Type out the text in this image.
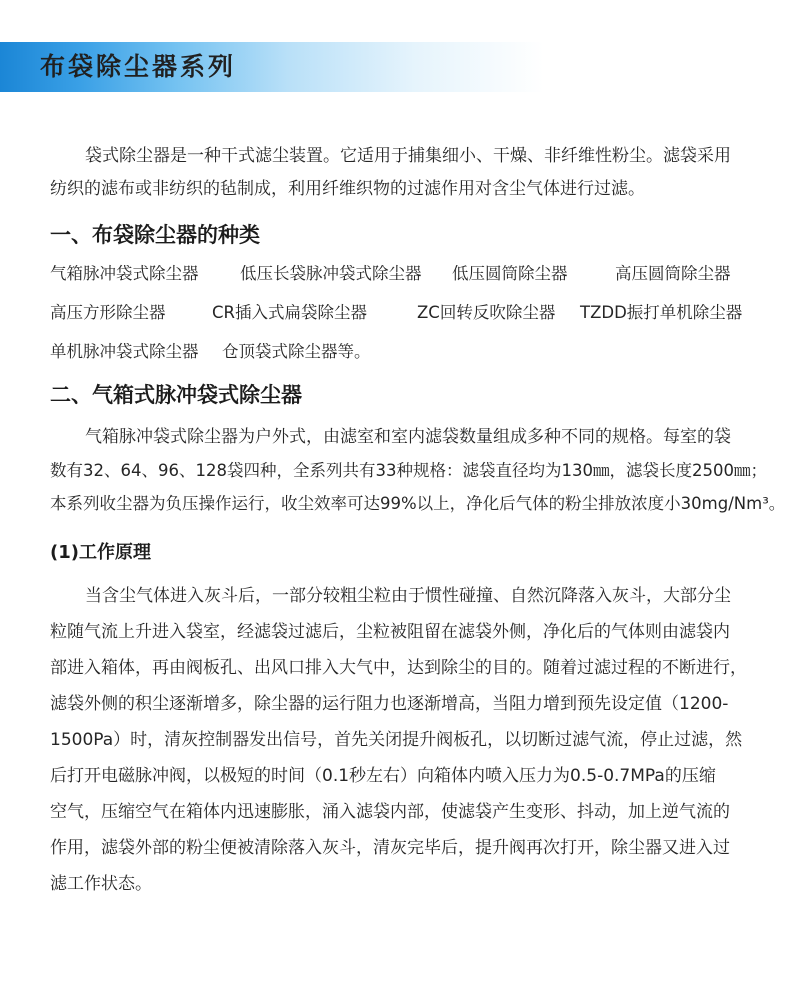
布袋除尘器系列
袋式除尘器是一种干式滤尘装置。它适用于捕集细小、干燥、非纤维性粉尘。滤袋采用
纺织的滤布或非纺织的毡制成，利用纤维织物的过滤作用对含尘气体进行过滤。
一、布袋除尘器的种类
气箱脉冲袋式除尘器	低压长袋脉冲袋式除尘器 低压圆筒除尘器	高压圆筒除尘器
高压方形除尘器	CR插入式扁袋除尘器	ZC回转反吹除尘器 TZDD振打单机除尘器
单机脉冲袋式除尘器 仓顶袋式除尘器等。
二、气箱式脉冲袋式除尘器
气箱脉冲袋式除尘器为户外式，由滤室和室内滤袋数量组成多种不同的规格。每室的袋
数有32、64、96、128袋四种，全系列共有33种规格：滤袋直径均为130㎜，滤袋长度2500㎜；
本系列收尘器为负压操作运行，收尘效率可达99%以上，净化后气体的粉尘排放浓度小30mg/Nm³。
(1)工作原理
当含尘气体进入灰斗后，一部分较粗尘粒由于惯性碰撞、自然沉降落入灰斗，大部分尘
粒随气流上升进入袋室，经滤袋过滤后，尘粒被阻留在滤袋外侧，净化后的气体则由滤袋内
部进入箱体，再由阀板孔、出风口排入大气中，达到除尘的目的。随着过滤过程的不断进行，
滤袋外侧的积尘逐渐增多，除尘器的运行阻力也逐渐增高，当阻力增到预先设定值（1200-
1500Pa）时，清灰控制器发出信号，首先关闭提升阀板孔，以切断过滤气流，停止过滤，然
后打开电磁脉冲阀，以极短的时间（0.1秒左右）向箱体内喷入压力为0.5-0.7MPa的压缩
空气，压缩空气在箱体内迅速膨胀，涌入滤袋内部，使滤袋产生变形、抖动，加上逆气流的
作用，滤袋外部的粉尘便被清除落入灰斗，清灰完毕后，提升阀再次打开，除尘器又进入过
滤工作状态。
